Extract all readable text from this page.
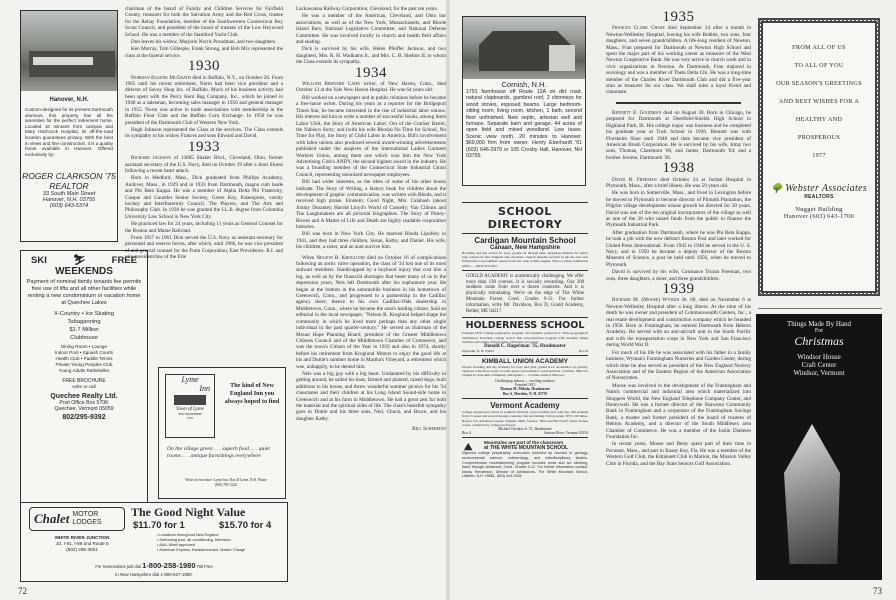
Hanover, N.H.
Custom-designed for its present Dartmouth alumnus, this property has all the amenities for the perfect retirement home. Located 10 minutes from campus and Mary Hitchcock Hospital, its off-the-road location guarantees privacy. With the best in views and fine construction, it is a quality home available in Hanover. Offered exclusively by:
ROGER CLARKSON '75
REALTOR
33 South Main Street
Hanover, N.H. 03755
(603) 643-5374
SKI	⛷	FREE
WEEKENDS
Payment of nominal family tenants fee permits free use of lifts and all other facilities while renting a new condominium or vacation home at Quechee Lakes
X-Country • Ice Skating
Tobaganning
$1.7 Million
Clubhouse
Dining Room • Lounge
Indoor Pool • Squash Courts
Health Club • Paddle Tennis
Private Young Peoples Club
Young Adults Rathskeller
FREE BROCHURE
write or call
Quechee Realty Ltd.
Post Office Box 570K
Quechee, Vermont 05059
802/295-9392

chairman of the board of Family and Children Services for Fairfield County, treasurer for both the Salvation Army and the Red Cross, trustee for the Rehay Foundation, member of the Southwestern Connecticut Boy Scout Council, and president of the board of trustees of the Low Heywood School. He was a member of the Stamford Yacht Club.

Don leaves his widow, Marjorie Norris Proudman, and two daughters.

Ken Murray, Tom Gillespie, Frank Strong, and Bob Mix represented the class at the funeral service.

1930

Norman Eugene McGrath died in Buffalo, N.Y., on October 26. From 1965 until his recent retirement, Norm had been vice president and a director of Savoy Shop Inc. of Buffalo. Much of his business activity had been spent with the Percy Kent Bag Company, Inc., which he joined in 1940 as a salesman, becoming sales manager in 1950 and general manager in 1955. Norm was active in trade associations with membership in the Buffalo Flour Club and the Buffalo Corn Exchange. In 1950 he was president of the Dartmouth Club of Western New York.

Hugh Johnson represented the Class at the services. The Class extends its sympathy to his widow Frances and sons Edward and David.

1933

Richard Jackson of 13805 Shaker Blvd., Cleveland, Ohio, former assistant secretary of the U.S. Navy, died on October 19 after a short illness following a recent heart attack.

Born in Medford, Mass., Dick graduated from Phillips Academy, Andover, Mass., in 1929 and in 1933 from Dartmouth, magna cum laude and Phi Beta Kappa. He was a member of Alpha Delta Phi Fraternity, Casque and Gauntlet Senior Society, Green Key, Palaeopitus, varsity hockey and Interfraternity Council, The Players, and The Arts and Philosophy Club. In 1938 he was granted the LL.B. degree from Columbia University Law School in New York City.

He practiced law for 24 years, including 11 years as General Counsel for the Boston and Maine Railroad.

From 1957 to 1961 Dick served the U.S. Navy as assistant secretary for personnel and reserve forces, after which, until 1966, he was vice president of and general counsel for the Fram Corporation, East Providence, R.I. and vice president/law of the Erie

Lyme
Inn
Town of Lyme
NEW HAMPSHIRE
1761
The kind of New England Inn you always hoped to find
On the village green . . . superb food . . . quiet rooms . . . antique furnishings everywhere
Write for brochure: Lyme Inn, Box D Lyme, N.H. Phone (603) 795-2222
Chalet MOTOR
LODGES
The Good Night Value
$11.70 for 1	$15.70 for 4
WHITE RIVER JUNCTION
Jct. I-91, I-89 and Route 5
(802) 295-3051
• Locations throughout New England
• Swimming pool, air conditioning, television
• AAA, Mobil approved
• American Express, BankAmericard, Master Charge
For reservations just dial 1-800-258-1980 Toll Free
In New Hampshire dial 1-800-527-1880.

Lackawanna Railway Corporation, Cleveland, for the past ten years.

He was a member of the American, Cleveland, and Ohio bar associations, as well as of the New York, Massachusetts, and Rhode Island Bars; National Legislative Committee; and National Defense Committee. He was involved locally in church and health field affairs and skating.

Dick is survived by his wife, Helen Pfeiffer Jackson, and two daughters, Mrs. R. H. Wadhams Jr., and Mrs. C. B. Shelton II, to whom the Class extends its sympathy.

1934

William Bernard Cahn writer, of New Haven, Conn., died October 13 at the Yale New Haven Hospital. He was 64 years old.

Bill worked on a newspaper and in public relations before he became a free-lance writer. During his years as a reporter for the Bridgeport Times Star, he became interested in the rise of industrial labor unions. His interest led him to write a number of successful books, among them Labor USA, the Story of American Labor; Out of the Cracker Barrel, the Nabisco Story; and (with his wife Rhoda) No Time for School, No Time for Play, the Story of Child Labor in America. Bill's involvement with labor unions also produced several award-winning advertisements published under the auspices of the International Ladies Garment Workers Union, among them one which won him the New York Advertising Club's ANDY, the second highest award in the industry. He was a founding member of the Connecticut State Industrial Union Council, representing unionized newspaper employees.

Bill had wider interests, as the titles of some of his other books indicate. The Story of Writing, a history book for children about the development of graphic communication, was written with Rhoda, and it received high praise. Einstein; Good Night, Mrs. Calabash (about Jimmy Durante); Harold Lloyd's World of Comedy; Van Cliburn and The Laughmakers are all pictorial biographies. The Story of Pitney-Bowes and A Matter of Life and Death are highly readable corporation histories.

Bill was born in New York City. He married Rhoda Lipofsky in 1941, and they had three children, Susan, Kathy, and Daniel. His wife, his children, a sister, and an aunt survive him.

When Nelson B. Kroglund died on October 16 of complications following an aortic valve operation, the class of '34 lost one of its most stalwart members. Handicapped by a boyhood injury that cost him a leg, as well as by the financial shortages that beset many of us in the depression years, Nels left Dartmouth after his sophomore year. He began at the bottom in the automobile business in his hometown of Greenwich, Conn., and progressed to a partnership in the Cadillac agency there, thence to his own Cadillac-Olds dealership in Middletown, Conn., where he became the area's leading citizen. Said an editorial in the local newspaper, "Nelson B. Kroglund helped shape the community in which he lived more perhaps than any other single individual in the past quarter-century." He served as chairman of the Mount Hope Planning Board, president of the Greater Middletown Citizens Council and of the Middletown Chamber of Commerce, and was the town's Citizen of the Year in 1959 and also in 1974, shortly before his retirement from Kroglund Motors to enjoy the good life at his and Dottie's summer home in Martha's Vineyard, a retirement which was, unhappily, to be denied him.

Nels was a big guy with a big heart. Undaunted by his difficulty in getting around, he sailed his boat, farmed and planted, raised dogs, built additions to his house, and threw wonderful summer picnics for his '34 classmates and their children at his Long Island Sound-side home in Greenwich and at his farm in Middletown. He had a great zest for both the material and the spiritual sides of life. The class's heartfelt sympathy goes to Dottie and his three sons, Ned, Chuck, and Bruce, and his daughter Kathy.

Bill Scherman

72
Cornish, N.H.
1791 farmhouse off Route 12A on dirt road, natural clapboards, gambrel roof, 2 chimneys for wood stoves, exposed beams. Large bedroom-sitting room, living room, kitchen, 1 bath, second floor unfinished. New septic, artesian well and furnace. Separate barn and garage. 44 acres of open field and mixed woodland. Low taxes. Scenic view north. 20 minutes to Hanover. $69,000 firm from owner. Henry Eberhardt '61 (603) 646-2979 or 105 Crosby Hall, Hanover, NH 03755.
SCHOOL DIRECTORY
Cardigan Mountain School
Canaan, New Hampshire
Boarding and day school for boys, grades six through nine, preparing students for senior prep schools in New England and elsewhere. Superb lakeside location in the ski area near Dartmouth. Coed summer session from late June to Mid-August. Write or phone Admission Office — (603) 523-4321.
GOULD ACADEMY is academically challenging. We offer more than 130 courses. It is socially rewarding. Our 200 students come from over a dozen countries. And it is physically stimulating. We're on the edge of The White Mountain Forest. Coed. Grades 9-12. For further information, write Mr. Davidson, Box D, Gould Academy, Bethel, ME 04217.
HOLDERNESS SCHOOL
Founded 1879. College preparatory program. 210 students, grades 9-12. Wide geographical distribution. Excellent college record. Full extracurricular program with excellent skiing facilities and outing club program. Catalogue on request.
Donald C. Hagerman '35, Headmaster
Plymouth, N. H. 03264	Box D
KIMBALL UNION ACADEMY
Private boarding and day academy for boys and girls, grades 9-12. Academics top priority balanced with three levels of team sports and extensive extracurricular activities. 800-acre campus in close-knit community atmosphere — 12 miles south of Hanover.
Challenging indoors — exciting outdoors
Founded 1813
Thomas M. Mikula, Headmaster
Box A, Meriden, N. H. 03770
Vermont Academy
College preparatory school in southern Vermont, boys boarding and coed day. 180 students from 15 states and several foreign countries. Ski and Outing Club program. NYC 220 miles, Boston 110. Advanced courses: English, Math, Science. "Man and His World" senior lecture course conducted by college professors.
Michael Choukas Jr. '51, Headmaster
Box A	Saxtons River, Vermont 05154
⛰	Mountains are part of the classroom
at THE WHITE MOUNTAIN SCHOOL
Vigorous college preparatory curriculum enriched by courses in geology, environmental science, meteorology, and interdisciplinary studies. Comprehensive mountaineering program includes snow and ice climbing, basic through advanced. Coed. Grades 9-12. For further information contact: Nancy Henderson, Director of Admissions, The White Mountain School, Littleton, N.H. 03561. (603) 444-2928.
1935

Frances Clark Chase died September 24 after a month in Newton-Wellesley Hospital, leaving his wife Bobbie, two sons, four daughters, and seven grandchildren. A life-long resident of Newton, Mass., Fran prepared for Dartmouth at Newton High School and spent the major part of his working career as treasurer of the West Newton Cooperative Bank. He was very active in church work and in civic organizations in Newton. At Dartmouth, Fran majored in sociology and was a member of Theta Delta Chi. He was a long-time member of the Charles River Dartmouth Club and did a five-year stint as treasurer for our class. We shall miss a loyal friend and classmate.

Bennett E. Goodman died on August 28. Born in Chicago, he prepared for Dartmouth at Deerfield-Shields High School in Highland Park, Ill. His college major was business and he completed his graduate year at Tuck School in 1936. Bennett was with Florsheim Shoe until 1948 and then became vice president of American Brush Corporation. He is survived by his wife, Irma; two sons, Thomas, Claremont '60, and James, Dartmouth '64; and a brother Jerome, Dartmouth '30.

1938

David B. Freeman died October 24 at Jordan Hospital in Plymouth, Mass., after a brief illness. He was 59 years old.

He was born in Somerville, Mass., and lived in Lexington before he moved to Plymouth to become director of Plimoth Plantation, the Pilgrim village development whose growth he directed for 20 years. David was one of the ten original incorporators of the village as well as one of the 20 who raised funds from the public to finance the Plymouth Industrial Park.

After graduation from Dartmouth, where he was Phi Beta Kappa, he took a job with the now defunct Boston Post and later worked for United Press International. From 1943 to 1946 he served in the U. S. Navy, and in 1950 he became a deputy director of the Boston Museum of Science, a post he held until 1956, when he moved to Plymouth.

David is survived by his wife, Constance Truran Freeman, two sons, three daughters, a sister, and three grandchildren.

1939

Richard M. (Moose) Wyman Jr. 60, died on November 6 at Newton-Wellesley Hospital after a long illness. At the time of his death he was owner and president of Commonwealth Centers, Inc., a real estate development and construction company which he founded in 1958. Born in Framingham, he entered Dartmouth from Hebron Academy. He served with an anti-aircraft unit in the South Pacific and with the transportation corps in New York and San Francisco during World War II.

For much of his life he was associated with his father in a family business, Wyman's Framingham Nurseries and Garden Center, during which time he also served as president of the New England Nursery Association and of the Eastern Region of the American Association of Nurserymen.

Moose was involved in the development of the Framingham and Natick commercial and industrial area which materialized into Shoppers World, the New England Telephone Company Center, and Honeywell. He was a former director of the Shawmut Community Bank in Framingham and a corporator of the Framingham Savings Bank, a trustee and former president of the board of trustees of Hebron Academy, and a director of the South Middlesex area Chamber of Commerce. He was a member of the Joslin Diabetes Foundation Inc.

In recent years, Moose and Betsy spent part of their time in Pocasset, Mass., and part in Kasey Key, Fla. He was a member of the Western Golf Club, the Kittansett Club in Marion, the Mission Valley Club in Florida, and the Bay State Seniors Golf Association.

FROM ALL OF US
TO ALL OF YOU
OUR SEASON'S GREETINGS
AND BEST WISHES FOR A
HEALTHY AND
PROSPEROUS
1977
🌳 Webster Associates
REALTORS
Nugget Building
Hanover (603) 643-1700
Things Made By Hand
For
Christmas
Windsor House
Craft Center
Windsor, Vermont
73
